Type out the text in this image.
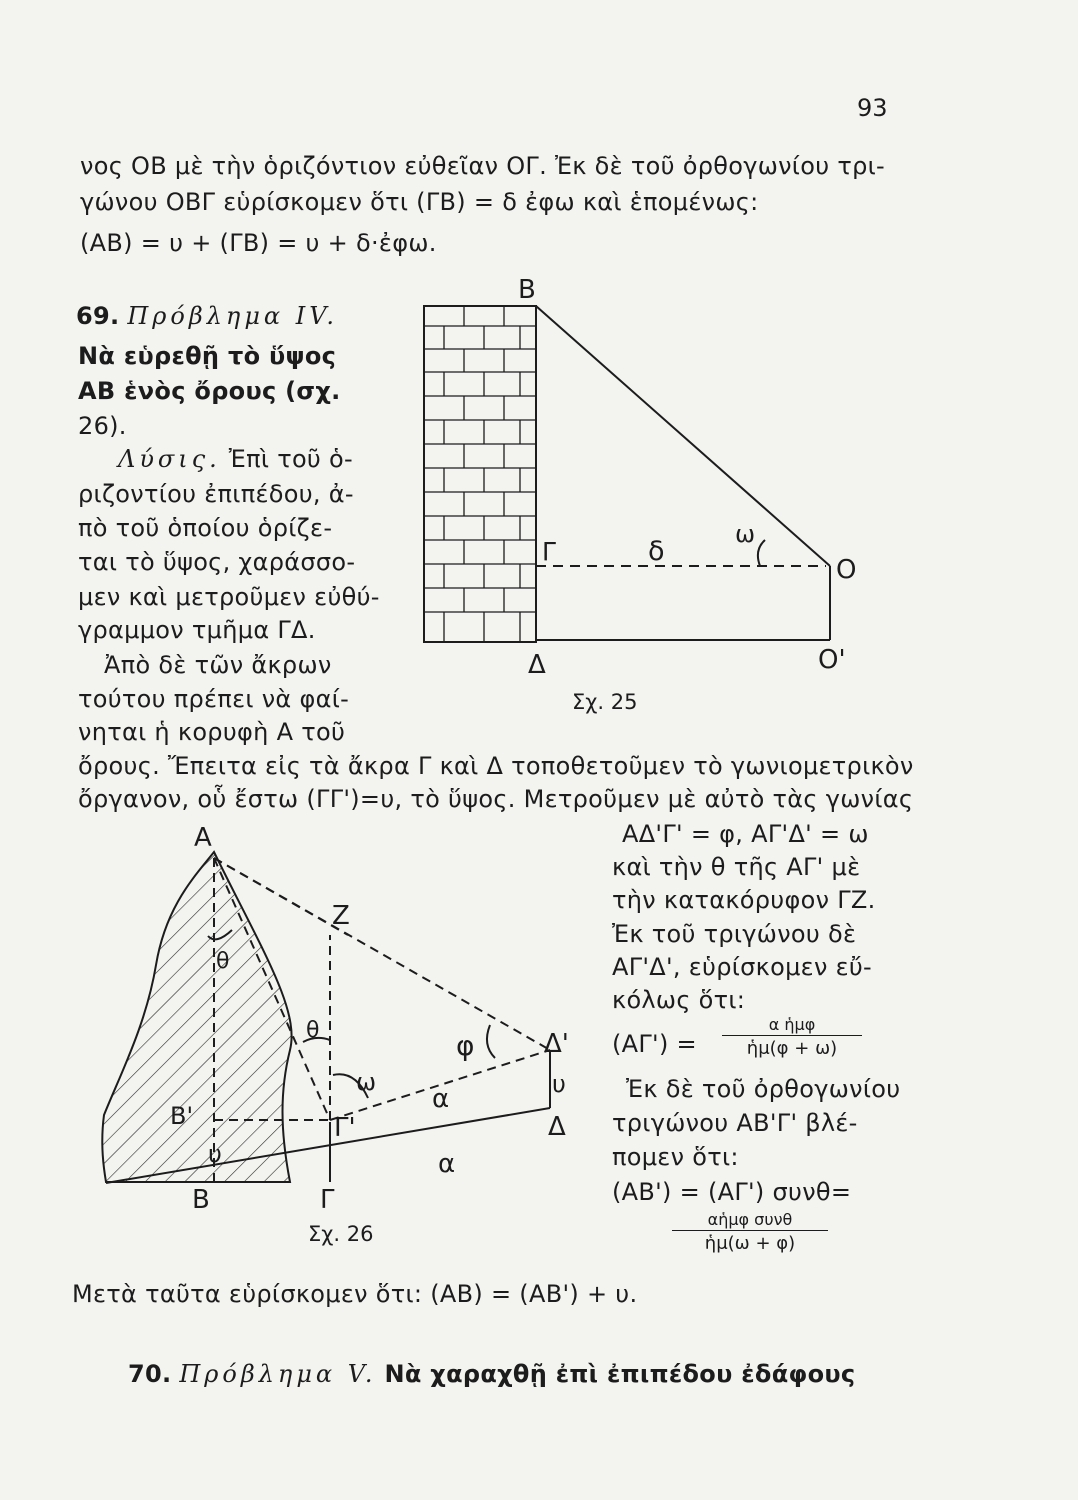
93
νος ΟΒ μὲ τὴν ὁριζόντιον εὐθεῖαν ΟΓ. Ἐκ δὲ τοῦ ὀρθογωνίου τρι-
γώνου ΟΒΓ εὑρίσκομεν ὅτι (ΓΒ) = δ ἐφω καὶ ἑπομένως:
(ΑΒ) = υ + (ΓΒ) = υ + δ·ἐφω.
69. Πρόβλημα IV.
Νὰ εὑρεθῇ τὸ ὕψος
ΑΒ ἑνὸς ὄρους (σχ.
26).
Λύσις. Ἐπὶ τοῦ ὁ-
ριζοντίου ἐπιπέδου, ἀ-
πὸ τοῦ ὁποίου ὁρίζε-
ται τὸ ὕψος, χαράσσο-
μεν καὶ μετροῦμεν εὐθύ-
γραμμον τμῆμα ΓΔ.
Ἀπὸ δὲ τῶν ἄκρων
τούτου πρέπει νὰ φαί-
νηται ἡ κορυφὴ Α τοῦ
ὄρους. Ἔπειτα εἰς τὰ ἄκρα Γ καὶ Δ τοποθετοῦμεν τὸ γωνιομετρικὸν
ὄργανον, οὗ ἔστω (ΓΓ')=υ, τὸ ὕψος. Μετροῦμεν μὲ αὐτὸ τὰς γωνίας
ΑΔ'Γ' = φ, ΑΓ'Δ' = ω
καὶ τὴν θ τῆς ΑΓ' μὲ
τὴν κατακόρυφον ΓΖ.
Ἐκ τοῦ τριγώνου δὲ
ΑΓ'Δ', εὑρίσκομεν εὔ-
κόλως ὅτι:
(ΑΓ') =
α ἡμφ
ἡμ(φ + ω)
Ἐκ δὲ τοῦ ὀρθογωνίου
τριγώνου ΑΒ'Γ' βλέ-
πομεν ὅτι:
(ΑΒ') = (ΑΓ') συνθ=
αἡμφ συνθ
ἡμ(ω + φ)
Μετὰ ταῦτα εὑρίσκομεν ὅτι: (ΑΒ) = (ΑΒ') + υ.
70. Πρόβλημα V. Νὰ χαραχθῇ ἐπὶ ἐπιπέδου ἐδάφους
Σχ. 25
Σχ. 26
Β
Γ	δ
ω
Ο
Δ	Ο'
Α
Ζ
θ
θ
ω
φ	Δ'
υ
Δ
α
α
Γ'
Β'
υ
Β	Γ
